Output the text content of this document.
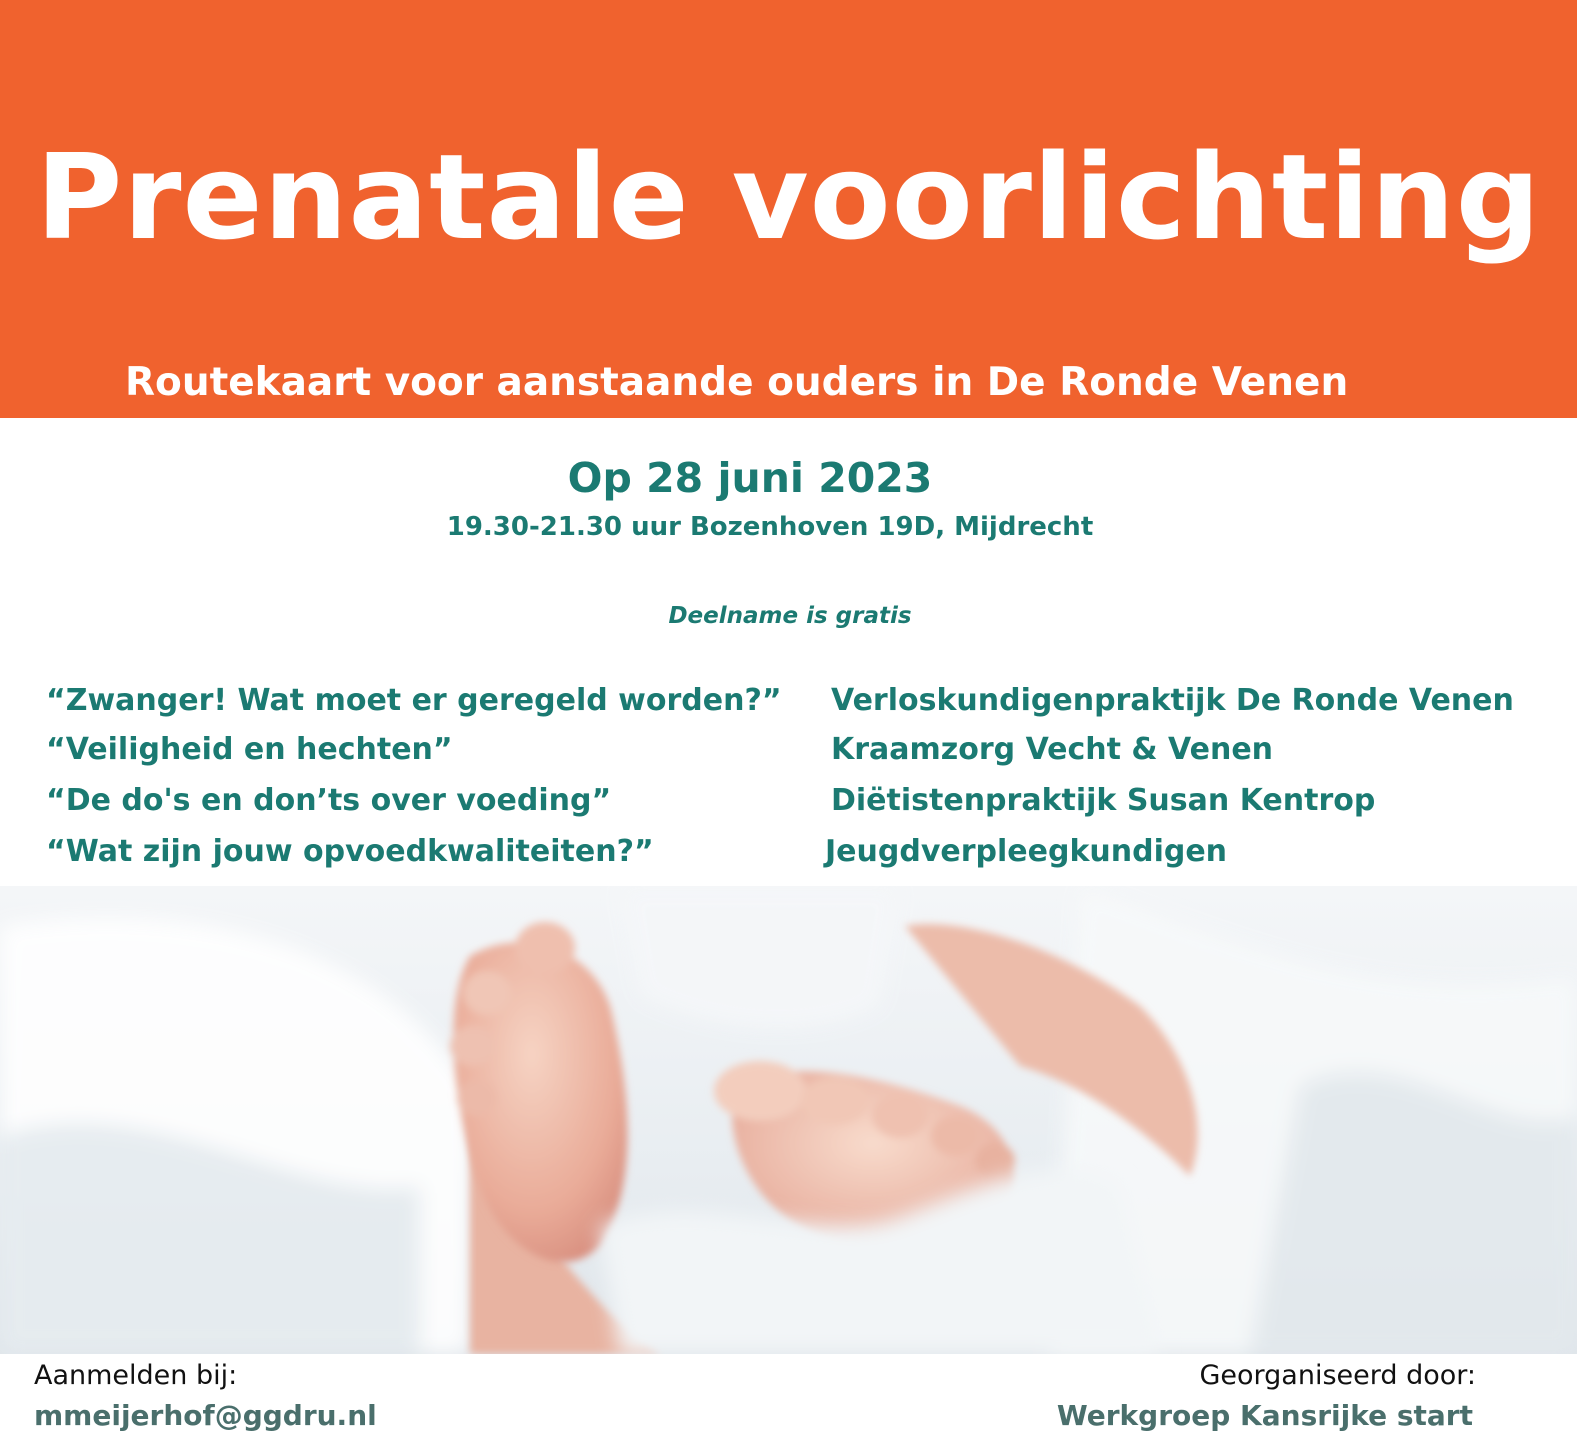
Prenatale voorlichting
Routekaart voor aanstaande ouders in De Ronde Venen
Op 28 juni 2023
19.30-21.30 uur Bozenhoven 19D, Mijdrecht
Deelname is gratis
“Zwanger! Wat moet er geregeld worden?” Verloskundigenpraktijk De Ronde Venen
“Veiligheid en hechten”	Kraamzorg Vecht & Venen
“De do's en don’ts over voeding”	Diëtistenpraktijk Susan Kentrop
“Wat zijn jouw opvoedkwaliteiten?”	Jeugdverpleegkundigen
Aanmelden bij:
mmeijerhof@ggdru.nl
Georganiseerd door:
Werkgroep Kansrijke start
